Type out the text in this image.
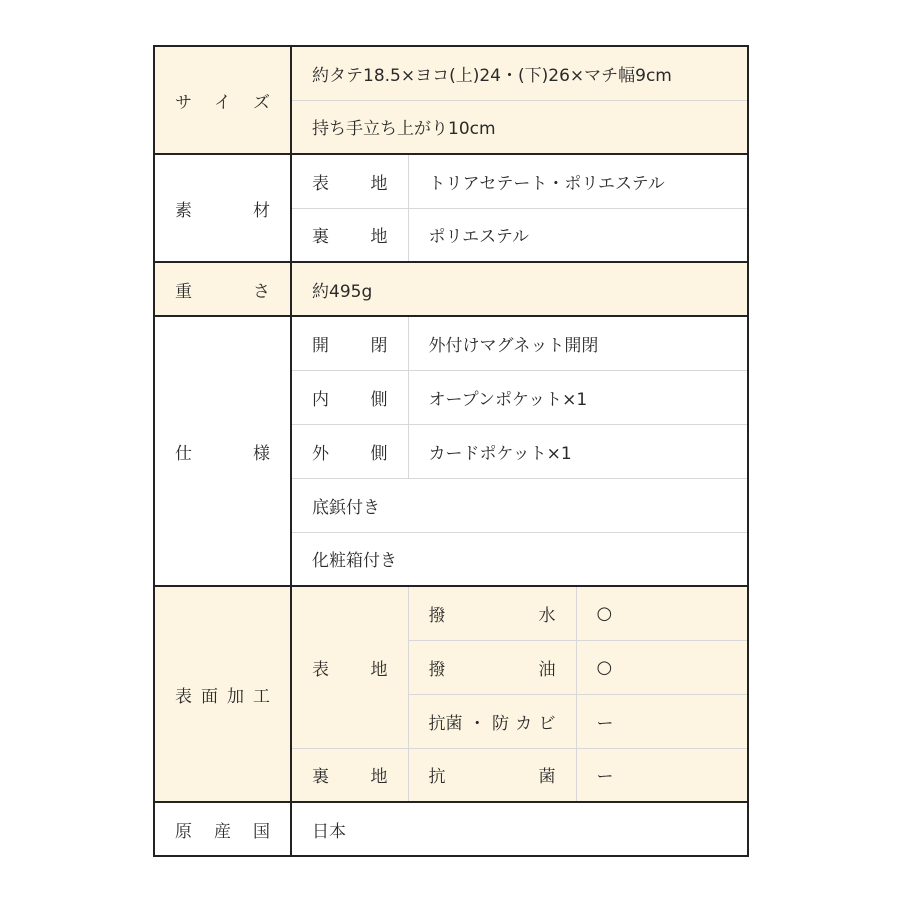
サ イ ズ	約タテ18.5×ヨコ(上)24・(下)26×マチ幅9cm		
	持ち手立ち上がり10cm		

素 材	表 地	トリアセテート・ポリエステル	

	裏 地	ポリエステル	

重 さ	約495g		

仕 様	開 閉	外付けマグネット開閉	

	内 側	オープンポケット×1	

	外 側	カードポケット×1	
	底鋲付き		
	化粧箱付き		

表 面 加 工	表 地	撥 水	○

		撥 油	○

		抗菌 ・ 防 カ ビ	ー

	裏 地	抗 菌	ー

原 産 国	日本		
